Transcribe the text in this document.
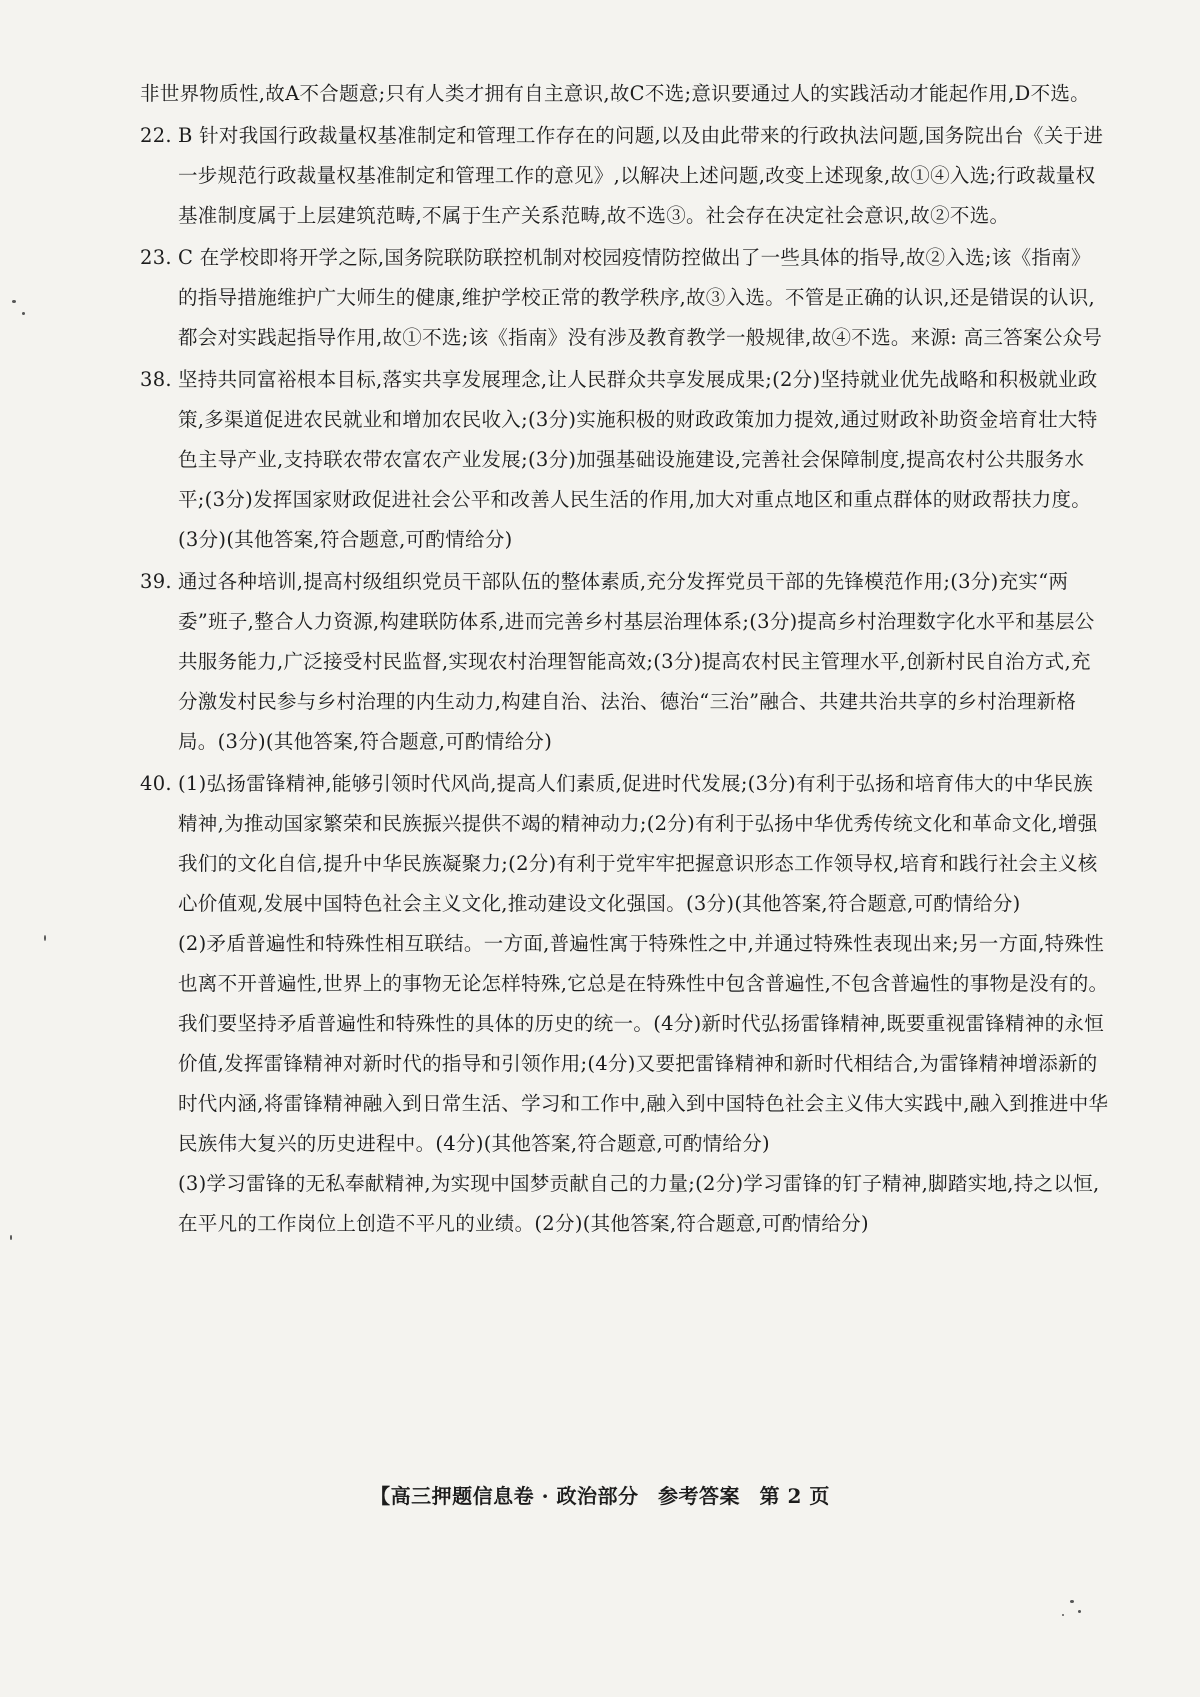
非世界物质性,故A不合题意;只有人类才拥有自主意识,故C不选;意识要通过人的实践活动才能起作用,D不选。

22. B 针对我国行政裁量权基准制定和管理工作存在的问题,以及由此带来的行政执法问题,国务院出台《关于进一步规范行政裁量权基准制定和管理工作的意见》,以解决上述问题,改变上述现象,故①④入选;行政裁量权基准制度属于上层建筑范畴,不属于生产关系范畴,故不选③。社会存在决定社会意识,故②不选。

23. C 在学校即将开学之际,国务院联防联控机制对校园疫情防控做出了一些具体的指导,故②入选;该《指南》的指导措施维护广大师生的健康,维护学校正常的教学秩序,故③入选。不管是正确的认识,还是错误的认识,都会对实践起指导作用,故①不选;该《指南》没有涉及教育教学一般规律,故④不选。来源: 高三答案公众号

38. 坚持共同富裕根本目标,落实共享发展理念,让人民群众共享发展成果;(2分)坚持就业优先战略和积极就业政策,多渠道促进农民就业和增加农民收入;(3分)实施积极的财政政策加力提效,通过财政补助资金培育壮大特色主导产业,支持联农带农富农产业发展;(3分)加强基础设施建设,完善社会保障制度,提高农村公共服务水平;(3分)发挥国家财政促进社会公平和改善人民生活的作用,加大对重点地区和重点群体的财政帮扶力度。(3分)(其他答案,符合题意,可酌情给分)

39. 通过各种培训,提高村级组织党员干部队伍的整体素质,充分发挥党员干部的先锋模范作用;(3分)充实“两委”班子,整合人力资源,构建联防体系,进而完善乡村基层治理体系;(3分)提高乡村治理数字化水平和基层公共服务能力,广泛接受村民监督,实现农村治理智能高效;(3分)提高农村民主管理水平,创新村民自治方式,充分激发村民参与乡村治理的内生动力,构建自治、法治、德治“三治”融合、共建共治共享的乡村治理新格局。(3分)(其他答案,符合题意,可酌情给分)

40. (1)弘扬雷锋精神,能够引领时代风尚,提高人们素质,促进时代发展;(3分)有利于弘扬和培育伟大的中华民族精神,为推动国家繁荣和民族振兴提供不竭的精神动力;(2分)有利于弘扬中华优秀传统文化和革命文化,增强我们的文化自信,提升中华民族凝聚力;(2分)有利于党牢牢把握意识形态工作领导权,培育和践行社会主义核心价值观,发展中国特色社会主义文化,推动建设文化强国。(3分)(其他答案,符合题意,可酌情给分)

(2)矛盾普遍性和特殊性相互联结。一方面,普遍性寓于特殊性之中,并通过特殊性表现出来;另一方面,特殊性也离不开普遍性,世界上的事物无论怎样特殊,它总是在特殊性中包含普遍性,不包含普遍性的事物是没有的。我们要坚持矛盾普遍性和特殊性的具体的历史的统一。(4分)新时代弘扬雷锋精神,既要重视雷锋精神的永恒价值,发挥雷锋精神对新时代的指导和引领作用;(4分)又要把雷锋精神和新时代相结合,为雷锋精神增添新的时代内涵,将雷锋精神融入到日常生活、学习和工作中,融入到中国特色社会主义伟大实践中,融入到推进中华民族伟大复兴的历史进程中。(4分)(其他答案,符合题意,可酌情给分)

(3)学习雷锋的无私奉献精神,为实现中国梦贡献自己的力量;(2分)学习雷锋的钉子精神,脚踏实地,持之以恒,在平凡的工作岗位上创造不平凡的业绩。(2分)(其他答案,符合题意,可酌情给分)

【高三押题信息卷 · 政治部分 参考答案 第 2 页
